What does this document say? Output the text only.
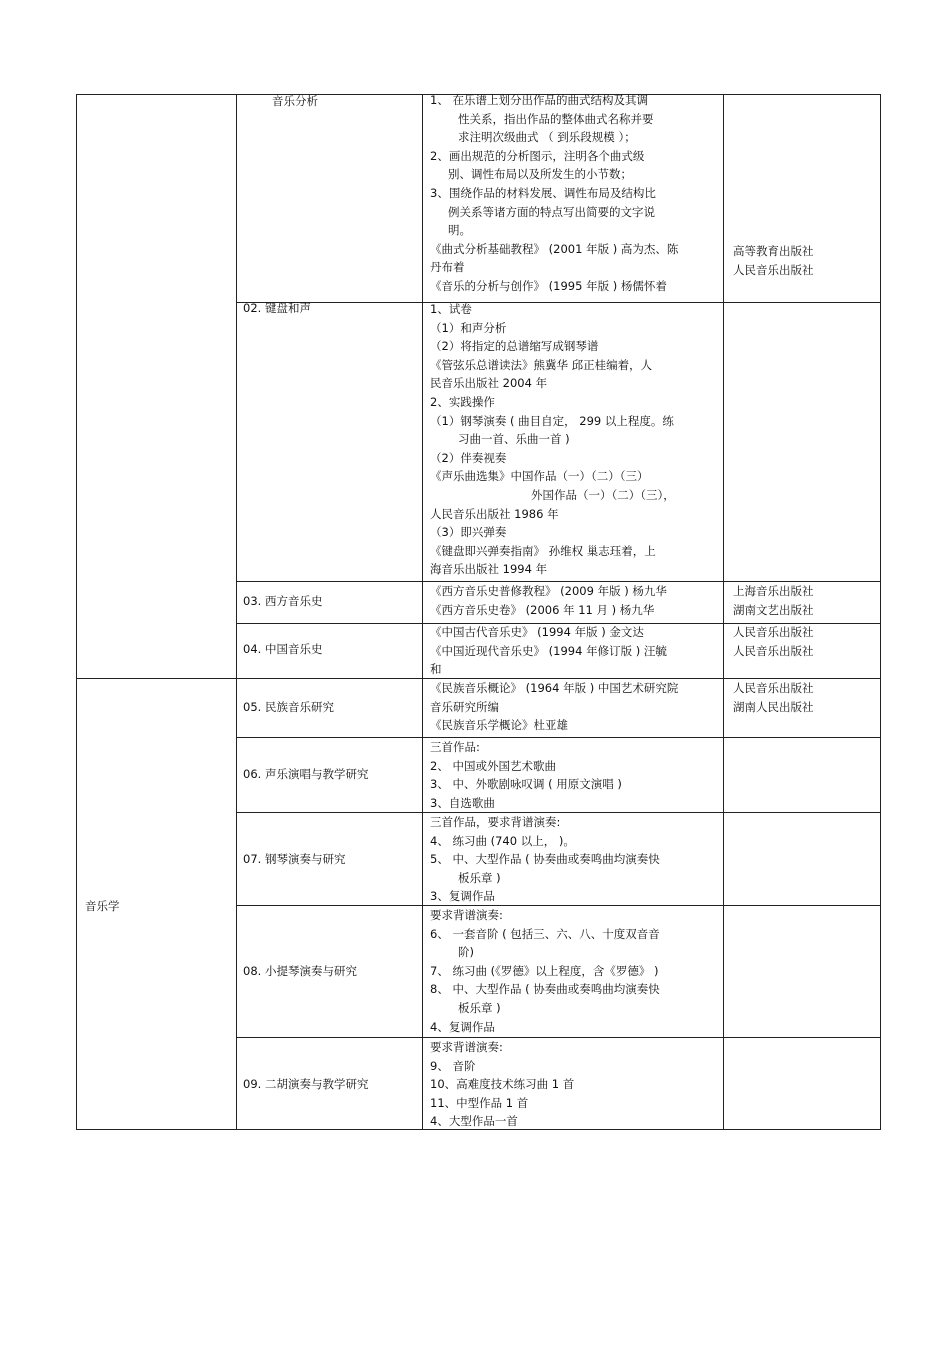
音乐学
音乐分析	1、 在乐谱上划分出作品的曲式结构及其调
性关系，指出作品的整体曲式名称并要
求注明次级曲式 （ 到乐段规模 ）；
2、画出规范的分析图示，注明各个曲式级
别、调性布局以及所发生的小节数；
3、围绕作品的材料发展、调性布局及结构比
例关系等诸方面的特点写出简要的文字说
明。
《曲式分析基础教程》 (2001 年版 ) 高为杰、陈
丹布着
《音乐的分析与创作》 (1995 年版 ) 杨儒怀着
高等教育出版社
人民音乐出版社
02. 键盘和声	1、试卷
（1）和声分析
（2）将指定的总谱缩写成钢琴谱
《管弦乐总谱读法》熊冀华 邱正桂编着，人
民音乐出版社 2004 年
2、实践操作
（1）钢琴演奏 ( 曲目自定， 299 以上程度。练
习曲一首、乐曲一首 )
（2）伴奏视奏
《声乐曲选集》中国作品（一）（二）（三）
外国作品（一）（二）（三），
人民音乐出版社 1986 年
（3）即兴弹奏
《键盘即兴弹奏指南》 孙维权 巢志珏着，上
海音乐出版社 1994 年
03. 西方音乐史
《西方音乐史普修教程》 (2009 年版 ) 杨九华
《西方音乐史卷》 (2006 年 11 月 ) 杨九华
上海音乐出版社
湖南文艺出版社
04. 中国音乐史
《中国古代音乐史》 (1994 年版 ) 金文达
《中国近现代音乐史》 (1994 年修订版 ) 汪毓
和
人民音乐出版社
人民音乐出版社
05. 民族音乐研究
《民族音乐概论》 (1964 年版 ) 中国艺术研究院
音乐研究所编
《民族音乐学概论》杜亚雄
人民音乐出版社
湖南人民出版社
06. 声乐演唱与教学研究
三首作品:
2、 中国或外国艺术歌曲
3、 中、外歌剧咏叹调 ( 用原文演唱 )
3、自选歌曲
07. 钢琴演奏与研究
三首作品，要求背谱演奏:
4、 练习曲 (740 以上， )。
5、 中、大型作品 ( 协奏曲或奏鸣曲均演奏快
板乐章 )
3、复调作品
08. 小提琴演奏与研究
要求背谱演奏:
6、 一套音阶 ( 包括三、六、八、十度双音音
阶)
7、 练习曲 (《罗德》以上程度，含《罗德》 )
8、 中、大型作品 ( 协奏曲或奏鸣曲均演奏快
板乐章 )
4、复调作品
09. 二胡演奏与教学研究
要求背谱演奏:
9、 音阶
10、高难度技术练习曲 1 首
11、中型作品 1 首
4、大型作品一首
